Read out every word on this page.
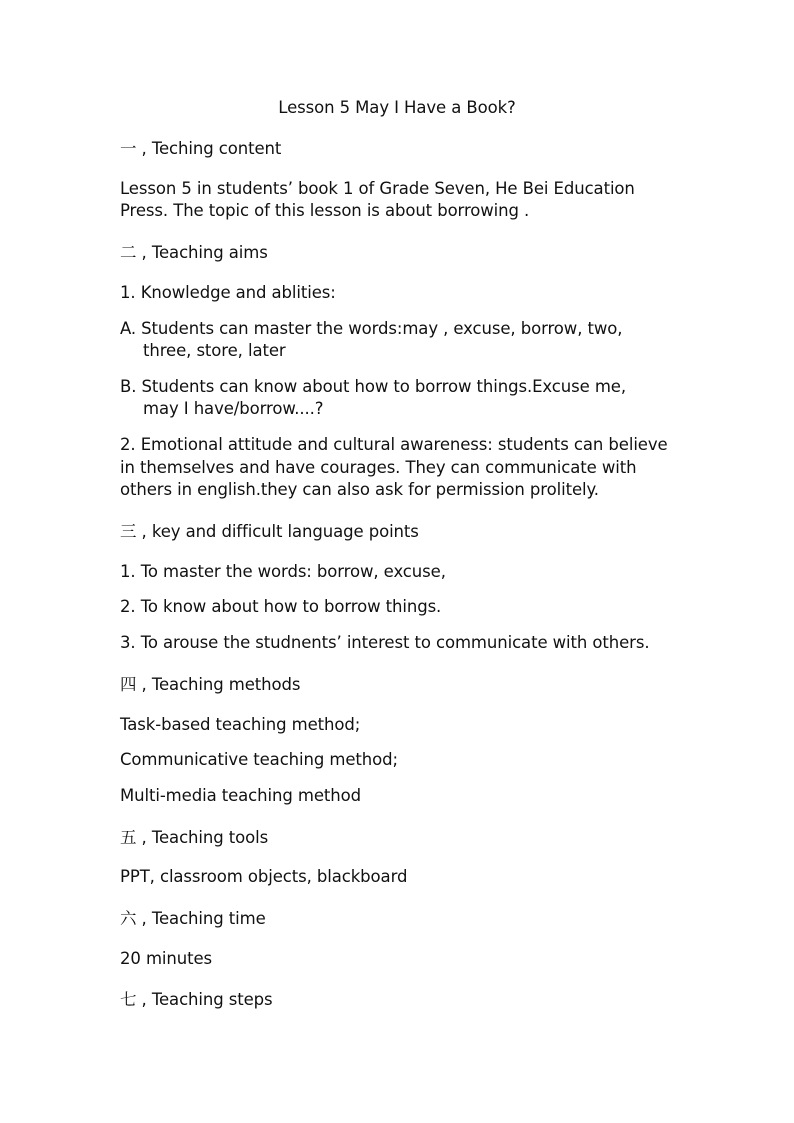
Lesson 5 May I Have a Book?
一 , Teching content
Lesson 5 in students’ book 1 of Grade Seven, He Bei Education
Press. The topic of this lesson is about borrowing .
二 , Teaching aims
1. Knowledge and ablities:
A. Students can master the words:may , excuse, borrow, two,
three, store, later
B. Students can know about how to borrow things.Excuse me,
may I have/borrow....?
2. Emotional attitude and cultural awareness: students can believe
in themselves and have courages. They can communicate with
others in english.they can also ask for permission prolitely.
三 , key and difficult language points
1. To master the words: borrow, excuse,
2. To know about how to borrow things.
3. To arouse the studnents’ interest to communicate with others.
四 , Teaching methods
Task-based teaching method;
Communicative teaching method;
Multi-media teaching method
五 , Teaching tools
PPT, classroom objects, blackboard
六 , Teaching time
20 minutes
七 , Teaching steps
